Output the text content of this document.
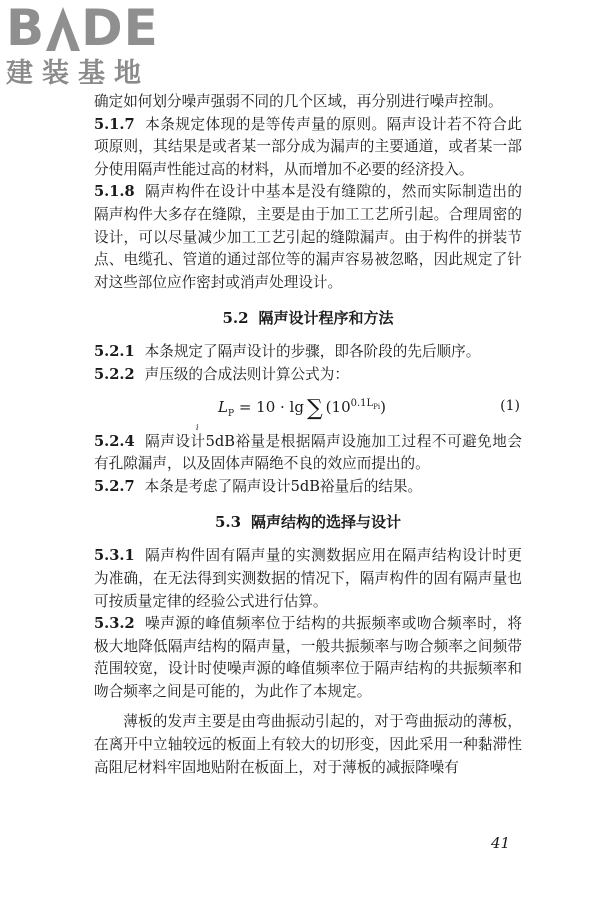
B DE
建装基地

确定如何划分噪声强弱不同的几个区域，再分别进行噪声控制。

5.1.7 本条规定体现的是等传声量的原则。隔声设计若不符合此项原则，其结果是或者某一部分成为漏声的主要通道，或者某一部分使用隔声性能过高的材料，从而增加不必要的经济投入。

5.1.8 隔声构件在设计中基本是没有缝隙的，然而实际制造出的隔声构件大多存在缝隙，主要是由于加工工艺所引起。合理周密的设计，可以尽量减少加工工艺引起的缝隙漏声。由于构件的拼装节点、电缆孔、管道的通过部位等的漏声容易被忽略，因此规定了针对这些部位应作密封或消声处理设计。

5.2 隔声设计程序和方法

5.2.1 本条规定了隔声设计的步骤，即各阶段的先后顺序。

5.2.2 声压级的合成法则计算公式为：

$L_P = 10 \cdot \lg$ ∑ $(10^{0.1L_{Pi}})$
i
(1)

5.2.4 隔声设计5dB裕量是根据隔声设施加工过程不可避免地会有孔隙漏声，以及固体声隔绝不良的效应而提出的。

5.2.7 本条是考虑了隔声设计5dB裕量后的结果。

5.3 隔声结构的选择与设计

5.3.1 隔声构件固有隔声量的实测数据应用在隔声结构设计时更为准确，在无法得到实测数据的情况下，隔声构件的固有隔声量也可按质量定律的经验公式进行估算。

5.3.2 噪声源的峰值频率位于结构的共振频率或吻合频率时，将极大地降低隔声结构的隔声量，一般共振频率与吻合频率之间频带范围较宽，设计时使噪声源的峰值频率位于隔声结构的共振频率和吻合频率之间是可能的，为此作了本规定。

薄板的发声主要是由弯曲振动引起的，对于弯曲振动的薄板，在离开中立轴较远的板面上有较大的切形变，因此采用一种黏滞性高阻尼材料牢固地贴附在板面上，对于薄板的减振降噪有

41
